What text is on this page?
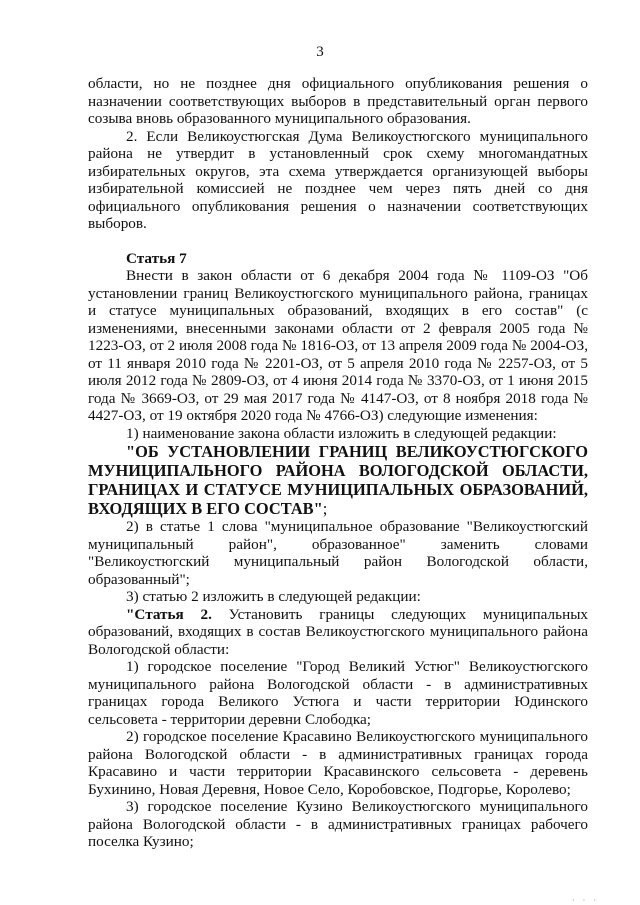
3

области, но не позднее дня официального опубликования решения о назначении соответствующих выборов в представительный орган первого созыва вновь образованного муниципального образования.

2. Если Великоустюгская Дума Великоустюгского муниципального района не утвердит в установленный срок схему многомандатных избирательных округов, эта схема утверждается организующей выборы избирательной комиссией не позднее чем через пять дней со дня официального опубликования решения о назначении соответствующих выборов.

Статья 7

Внести в закон области от 6 декабря 2004 года № 1109-ОЗ "Об установлении границ Великоустюгского муниципального района, границах и статусе муниципальных образований, входящих в его состав" (с изменениями, внесенными законами области от 2 февраля 2005 года № 1223-ОЗ, от 2 июля 2008 года № 1816-ОЗ, от 13 апреля 2009 года № 2004-ОЗ, от 11 января 2010 года № 2201-ОЗ, от 5 апреля 2010 года № 2257-ОЗ, от 5 июля 2012 года № 2809-ОЗ, от 4 июня 2014 года № 3370-ОЗ, от 1 июня 2015 года № 3669-ОЗ, от 29 мая 2017 года № 4147-ОЗ, от 8 ноября 2018 года № 4427-ОЗ, от 19 октября 2020 года № 4766-ОЗ) следующие изменения:

1) наименование закона области изложить в следующей редакции:

"ОБ УСТАНОВЛЕНИИ ГРАНИЦ ВЕЛИКОУСТЮГСКОГО МУНИЦИПАЛЬНОГО РАЙОНА ВОЛОГОДСКОЙ ОБЛАСТИ, ГРАНИЦАХ И СТАТУСЕ МУНИЦИПАЛЬНЫХ ОБРАЗОВАНИЙ, ВХОДЯЩИХ В ЕГО СОСТАВ";

2) в статье 1 слова "муниципальное образование "Великоустюгский муниципальный район", образованное" заменить словами "Великоустюгский муниципальный район Вологодской области, образованный";

3) статью 2 изложить в следующей редакции:

"Статья 2. Установить границы следующих муниципальных образований, входящих в состав Великоустюгского муниципального района Вологодской области:

1) городское поселение "Город Великий Устюг" Великоустюгского муниципального района Вологодской области - в административных границах города Великого Устюга и части территории Юдинского сельсовета - территории деревни Слободка;

2) городское поселение Красавино Великоустюгского муниципального района Вологодской области - в административных границах города Красавино и части территории Красавинского сельсовета - деревень Бухинино, Новая Деревня, Новое Село, Коробовское, Подгорье, Королево;

3) городское поселение Кузино Великоустюгского муниципального района Вологодской области - в административных границах рабочего поселка Кузино;

· · ·
